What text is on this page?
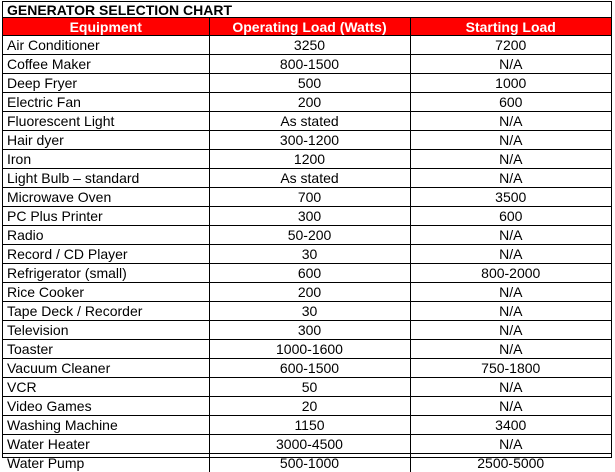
GENERATOR SELECTION CHART
Equipment	Operating Load (Watts)	Starting Load
Air Conditioner	3250	7200
Coffee Maker	800-1500	N/A
Deep Fryer	500	1000
Electric Fan	200	600
Fluorescent Light	As stated	N/A
Hair dyer	300-1200	N/A
Iron	1200	N/A
Light Bulb – standard	As stated	N/A
Microwave Oven	700	3500
PC Plus Printer	300	600
Radio	50-200	N/A
Record / CD Player	30	N/A
Refrigerator (small)	600	800-2000
Rice Cooker	200	N/A
Tape Deck / Recorder	30	N/A
Television	300	N/A
Toaster	1000-1600	N/A
Vacuum Cleaner	600-1500	750-1800
VCR	50	N/A
Video Games	20	N/A
Washing Machine	1150	3400
Water Heater	3000-4500	N/A
Water Pump	500-1000	2500-5000
